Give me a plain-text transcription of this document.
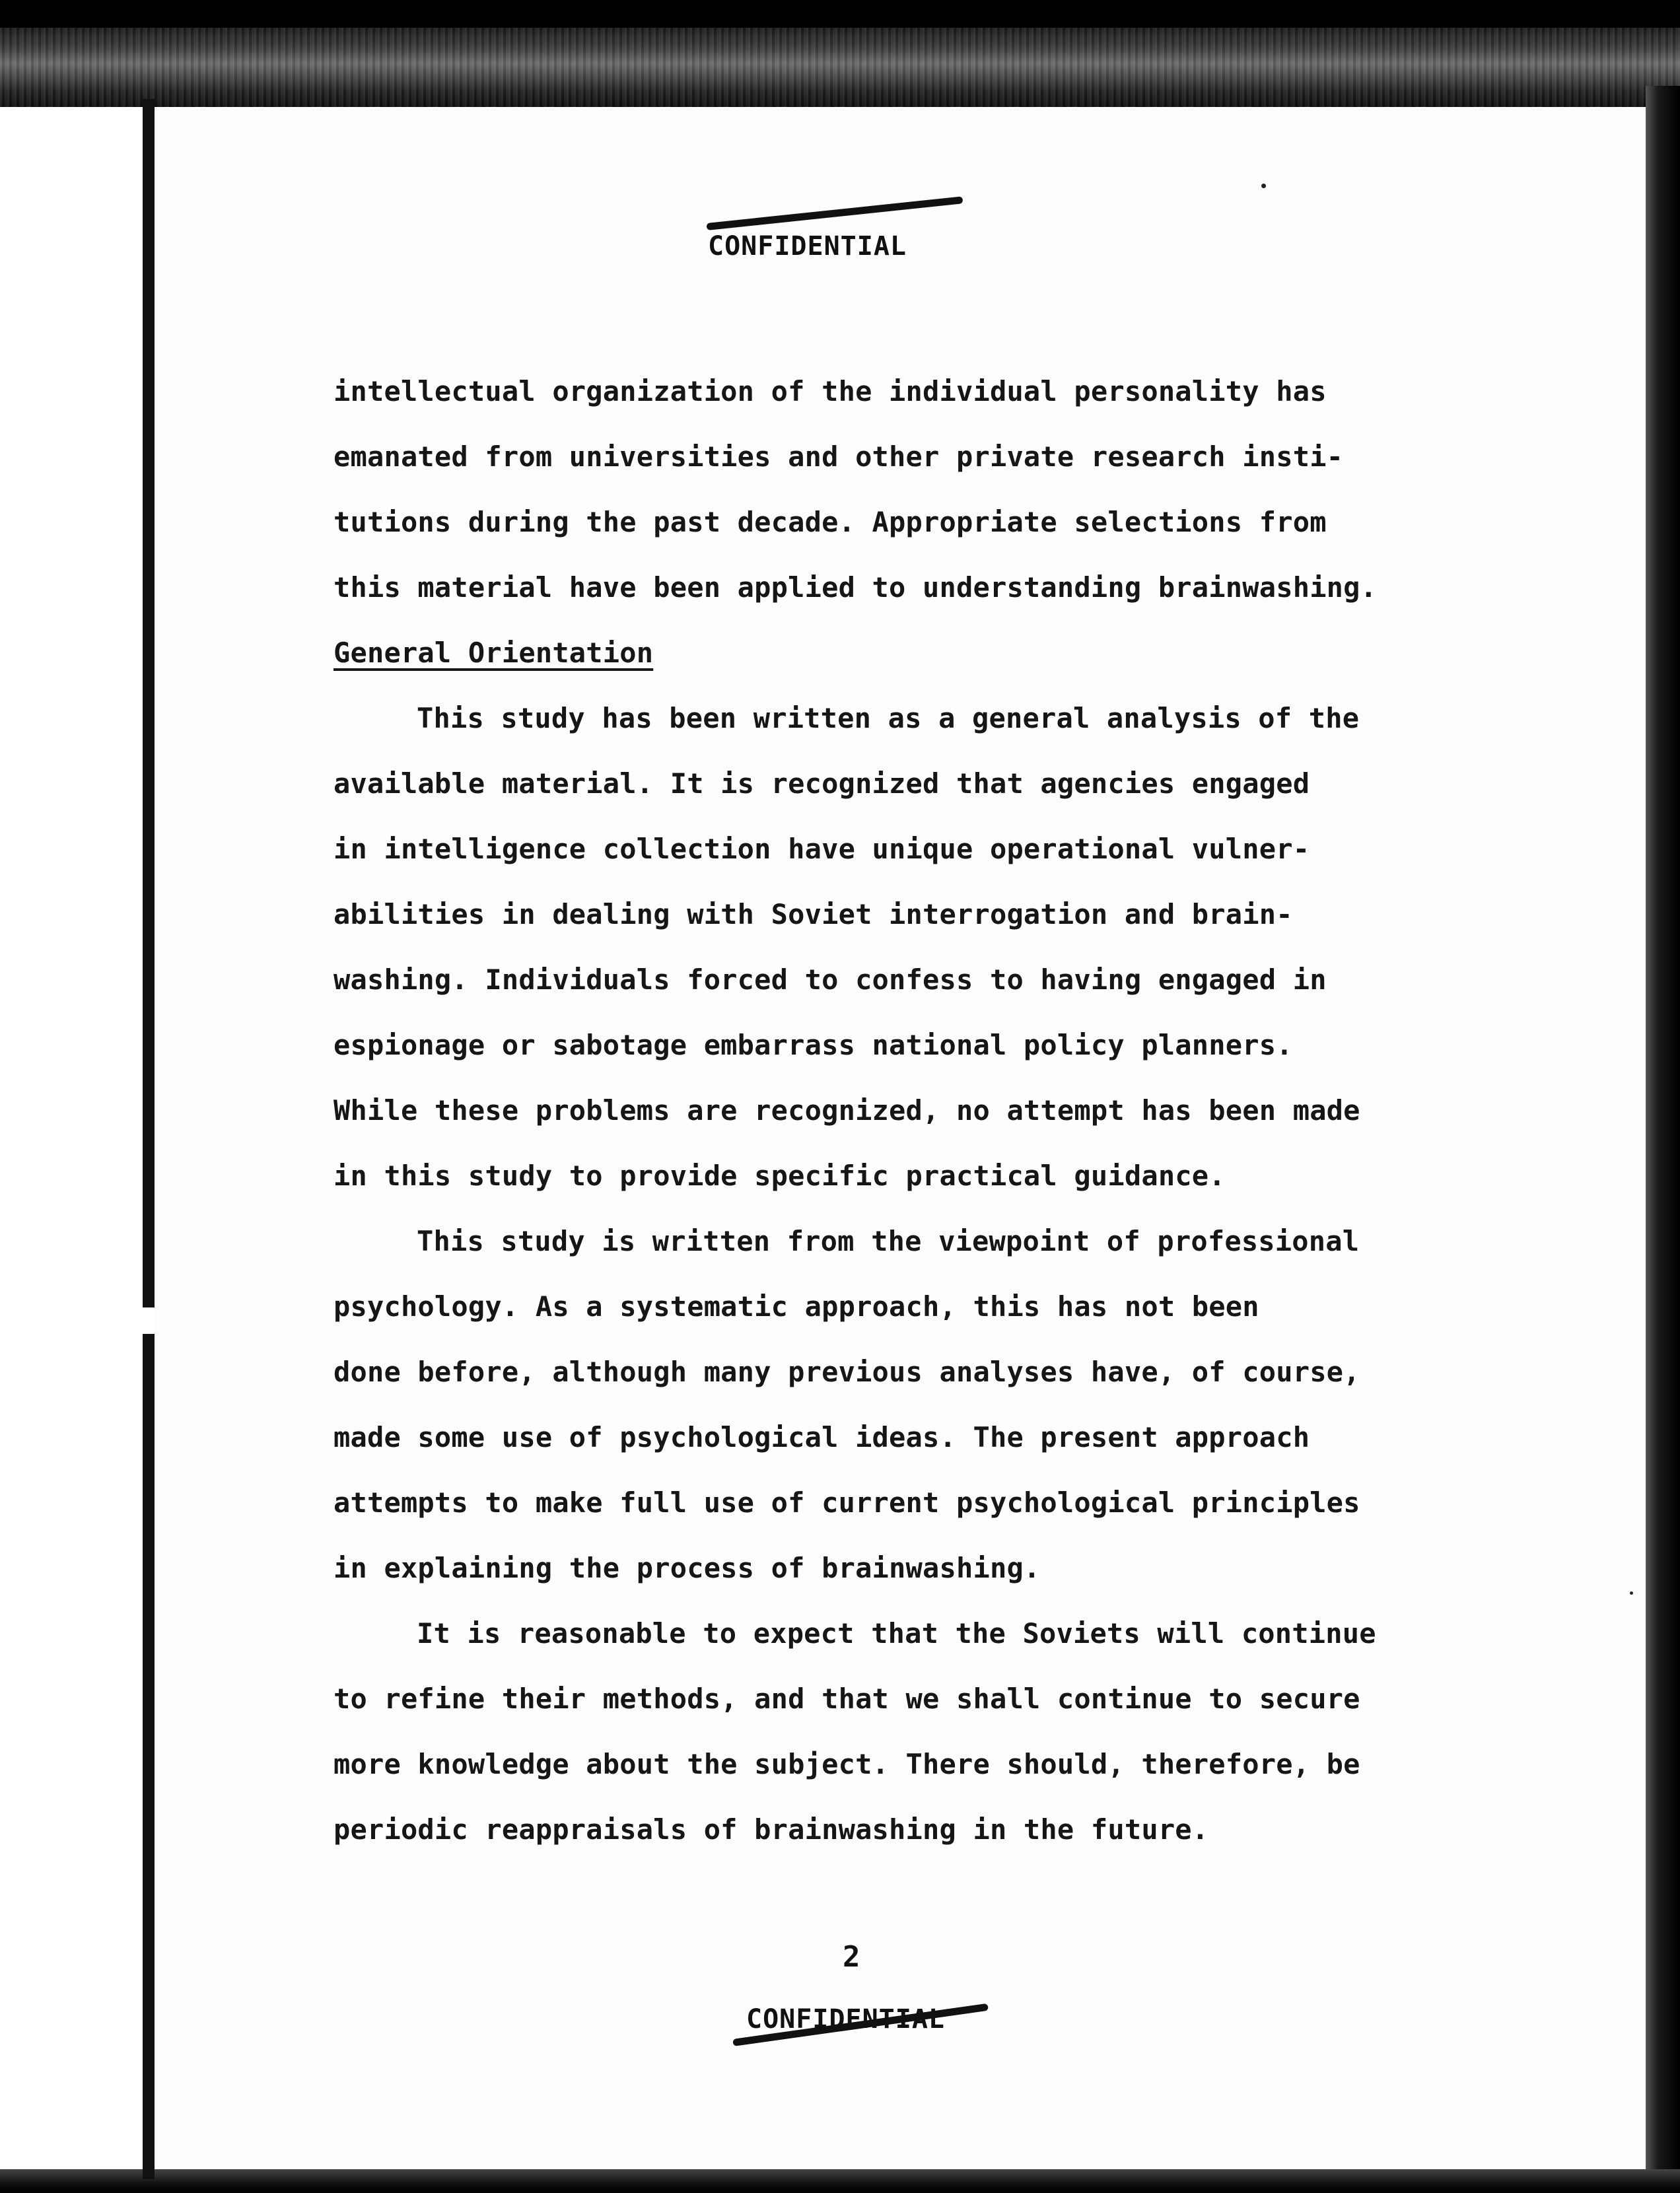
CONFIDENTIAL
intellectual organization of the individual personality has
emanated from universities and other private research insti-
tutions during the past decade. Appropriate selections from
this material have been applied to understanding brainwashing.
General Orientation
This study has been written as a general analysis of the
available material. It is recognized that agencies engaged
in intelligence collection have unique operational vulner-
abilities in dealing with Soviet interrogation and brain-
washing. Individuals forced to confess to having engaged in
espionage or sabotage embarrass national policy planners.
While these problems are recognized, no attempt has been made
in this study to provide specific practical guidance.
This study is written from the viewpoint of professional
psychology. As a systematic approach, this has not been
done before, although many previous analyses have, of course,
made some use of psychological ideas. The present approach
attempts to make full use of current psychological principles
in explaining the process of brainwashing.
It is reasonable to expect that the Soviets will continue
to refine their methods, and that we shall continue to secure
more knowledge about the subject. There should, therefore, be
periodic reappraisals of brainwashing in the future.
2
CONFIDENTIAL
